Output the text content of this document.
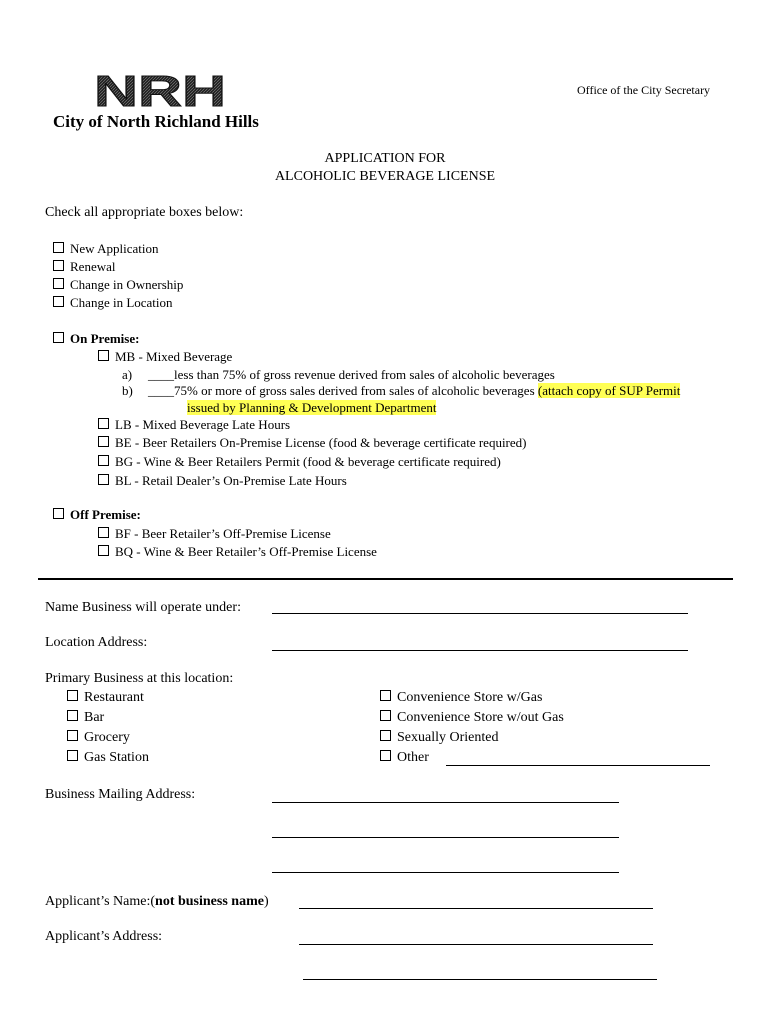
NRH	Office of the City Secretary
City of North Richland Hills
APPLICATION FOR
ALCOHOLIC BEVERAGE LICENSE
Check all appropriate boxes below:
New Application
Renewal
Change in Ownership
Change in Location
On Premise:
MB - Mixed Beverage
a) ____less than 75% of gross revenue derived from sales of alcoholic beverages
b) ____75% or more of gross sales derived from sales of alcoholic beverages (attach copy of SUP Permit
issued by Planning & Development Department
LB - Mixed Beverage Late Hours
BE - Beer Retailers On-Premise License (food & beverage certificate required)
BG - Wine & Beer Retailers Permit (food & beverage certificate required)
BL - Retail Dealer’s On-Premise Late Hours
Off Premise:
BF - Beer Retailer’s Off-Premise License
BQ - Wine & Beer Retailer’s Off-Premise License
Name Business will operate under:
Location Address:
Primary Business at this location:
Restaurant
Bar
Grocery
Gas Station
Convenience Store w/Gas
Convenience Store w/out Gas
Sexually Oriented
Other
Business Mailing Address:
Applicant’s Name:(not business name)
Applicant’s Address:
